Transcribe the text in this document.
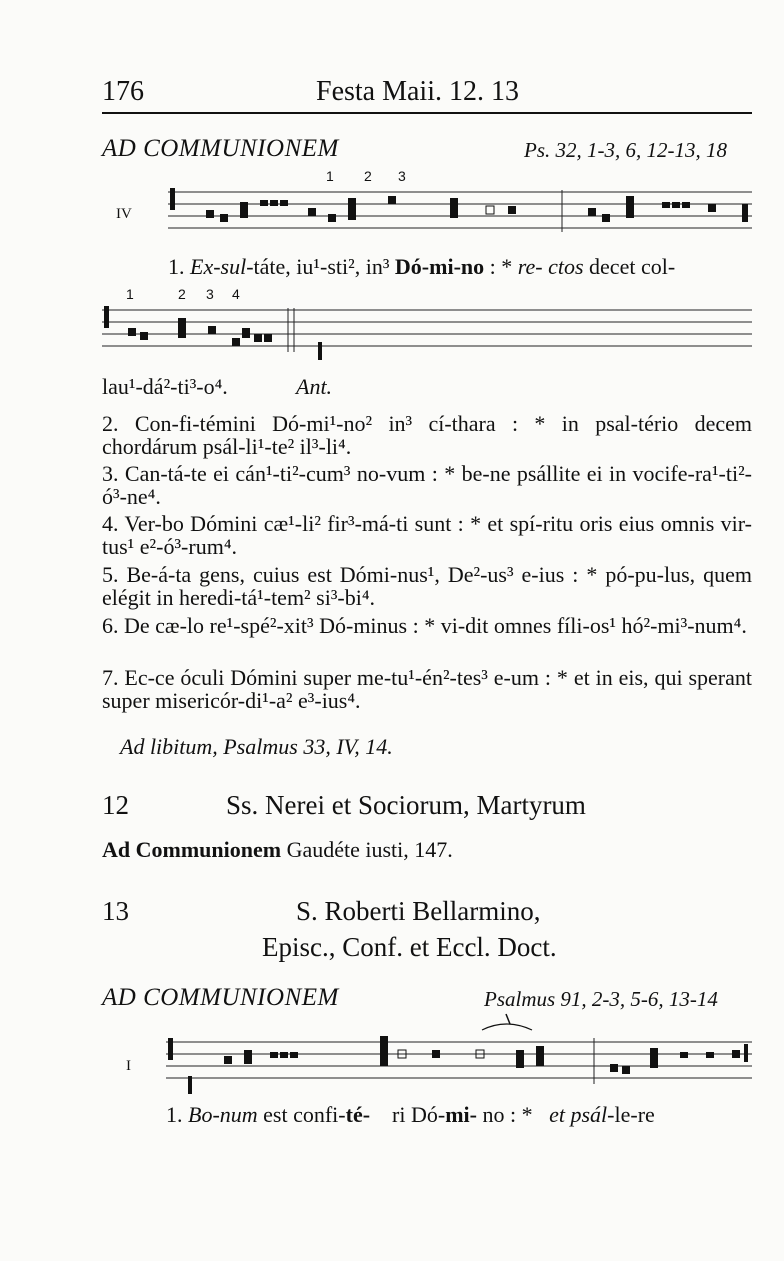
176	Festa Maii. 12. 13
AD COMMUNIONEM	Ps. 32, 1-3, 6, 12-13, 18
1 2 3
IV
1. Ex-sul-táte, iu¹-sti², in³ Dó-mi-no : * re- ctos decet col-
1	2 3 4
lau¹-dá²-ti³-o⁴.	Ant.
2. Con-fi-témini Dó-mi¹-no² in³ cí-thara : * in psal-tério decem chordárum psál-li¹-te² il³-li⁴.
3. Can-tá-te ei cán¹-ti²-cum³ no-vum : * be-ne psállite ei in vocife-ra¹-ti²-ó³-ne⁴.
4. Ver-bo Dómini cæ¹-li² fir³-má-ti sunt : * et spí-ritu oris eius omnis vir-tus¹ e²-ó³-rum⁴.
5. Be-á-ta gens, cuius est Dómi-nus¹, De²-us³ e-ius : * pó-pu-lus, quem elégit in heredi-tá¹-tem² si³-bi⁴.
6. De cæ-lo re¹-spé²-xit³ Dó-minus : * vi-dit omnes fíli-os¹ hó²-mi³-num⁴.
7. Ec-ce óculi Dómini super me-tu¹-én²-tes³ e-um : * et in eis, qui sperant super misericór-di¹-a² e³-ius⁴.
Ad libitum, Psalmus 33, IV, 14.
12	Ss. Nerei et Sociorum, Martyrum
Ad Communionem Gaudéte iusti, 147.
13	S. Roberti Bellarmino,
Episc., Conf. et Eccl. Doct.
AD COMMUNIONEM	Psalmus 91, 2-3, 5-6, 13-14
I
1. Bo-num est confi-té- ri Dó-mi- no : *   et psál-le-re
